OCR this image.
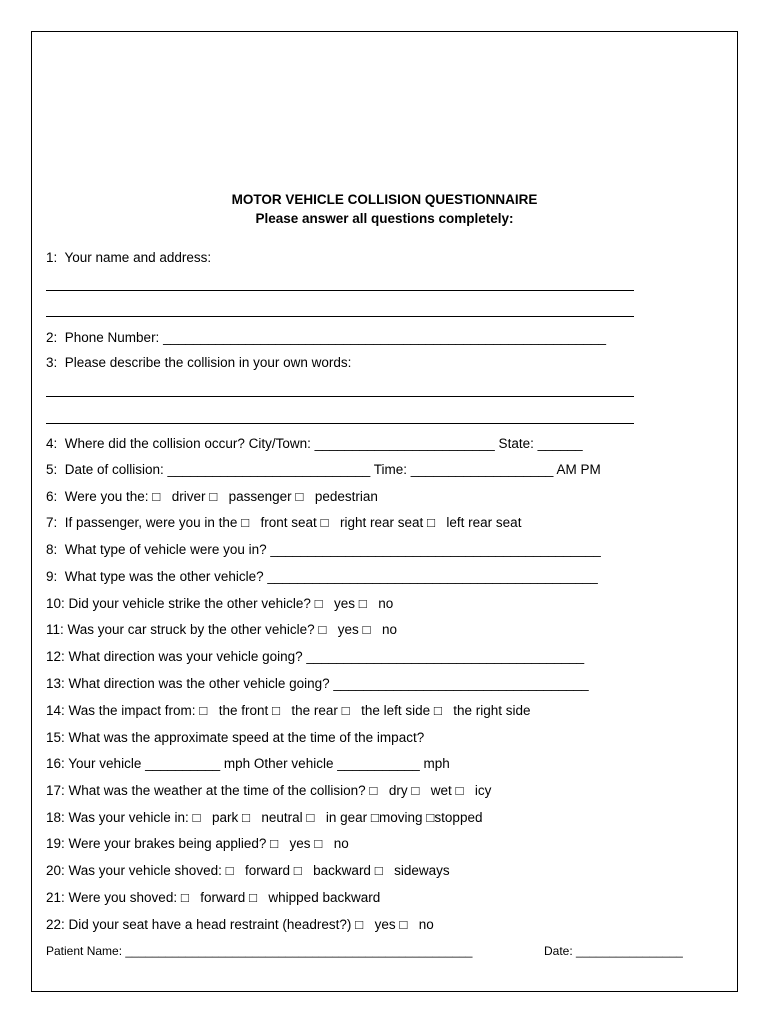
MOTOR VEHICLE COLLISION QUESTIONNAIRE
Please answer all questions completely:
1:  Your name and address:
2:  Phone Number: ___________________________________________________________
3:  Please describe the collision in your own words:
4:  Where did the collision occur? City/Town: ________________________ State: ______
5:  Date of collision: ___________________________ Time: ___________________ AM PM
6:  Were you the: □   driver □   passenger □   pedestrian
7:  If passenger, were you in the □   front seat □   right rear seat □   left rear seat
8:  What type of vehicle were you in? ____________________________________________
9:  What type was the other vehicle? ____________________________________________
10: Did your vehicle strike the other vehicle? □   yes □   no
11: Was your car struck by the other vehicle? □   yes □   no
12: What direction was your vehicle going? _____________________________________
13: What direction was the other vehicle going? __________________________________
14: Was the impact from: □   the front □   the rear □   the left side □   the right side
15: What was the approximate speed at the time of the impact?
16: Your vehicle __________ mph Other vehicle ___________ mph
17: What was the weather at the time of the collision? □   dry □   wet □   icy
18: Was your vehicle in: □   park □   neutral □   in gear □moving □stopped
19: Were your brakes being applied? □   yes □   no
20: Was your vehicle shoved: □   forward □   backward □   sideways
21: Were you shoved: □   forward □   whipped backward
22: Did your seat have a head restraint (headrest?) □   yes □   no
Patient Name: ____________________________________________________	Date: ________________
